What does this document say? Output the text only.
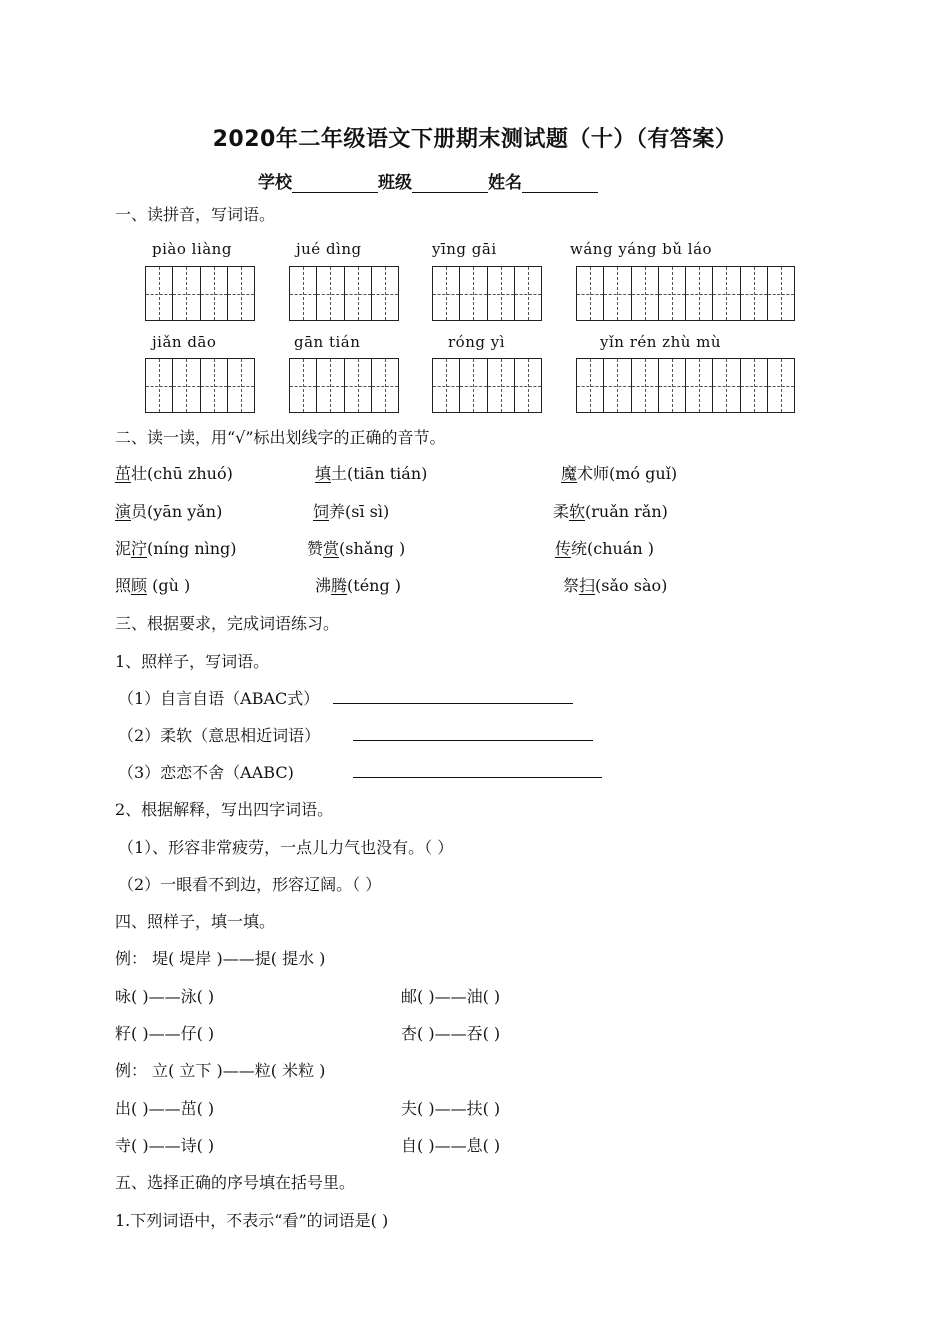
2020年二年级语文下册期末测试题（十）（有答案）
学校	班级	姓名
一、读拼音，写词语。
piào liàng	jué dìng	yīng gāi	wáng yáng bǔ láo
jiǎn dāo	gān tián	róng yì	yǐn rén zhù mù
二、读一读，用“√”标出划线字的正确的音节。
茁壮(chū zhuó)	填土(tiān tián)	魔术师(mó guǐ)
演员(yān yǎn)	饲养(sī sì)	柔软(ruǎn rǎn)
泥泞(níng nìng)	赞赏(shǎng )	传统(chuán )
照顾 (gù )	沸腾(téng )	祭扫(sǎo sào)
三、根据要求，完成词语练习。
1、照样子，写词语。
（1）自言自语（ABAC式）
（2）柔软（意思相近词语）
（3）恋恋不舍（AABC)
2、根据解释，写出四字词语。
（1）、形容非常疲劳，一点儿力气也没有。（ ）
（2）一眼看不到边，形容辽阔。（ ）
四、照样子，填一填。
例： 堤( 堤岸 )——提( 提水 )
咏( )——泳( )	邮( )——油( )
籽( )——仔( )	杏( )——吞( )
例： 立( 立下 )——粒( 米粒 )
出( )——茁( )	夫( )——扶( )
寺( )——诗( )	自( )——息( )
五、选择正确的序号填在括号里。
1.下列词语中，不表示“看”的词语是( )
